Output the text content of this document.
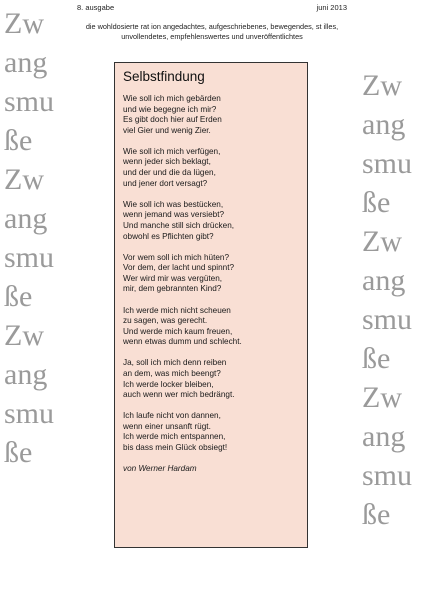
8. ausgabe	juni 2013
die wohldosierte rat ion angedachtes, aufgeschriebenes, bewegendes, st illes,
unvollendetes, empfehlenswertes und unveröffentlichtes
Zw
ang
smu
ße
Zw
ang
smu
ße
Zw
ang
smu
ße
Zw
ang
smu
ße
Zw
ang
smu
ße
Zw
ang
smu
ße
Selbstfindung
Wie soll ich mich gebärden
und wie begegne ich mir?
Es gibt doch hier auf Erden
viel Gier und wenig Zier.
Wie soll ich mich verfügen,
wenn jeder sich beklagt,
und der und die da lügen,
und jener dort versagt?
Wie soll ich was bestücken,
wenn jemand was versiebt?
Und manche still sich drücken,
obwohl es Pflichten gibt?
Vor wem soll ich mich hüten?
Vor dem, der lacht und spinnt?
Wer wird mir was vergüten,
mir, dem gebrannten Kind?
Ich werde mich nicht scheuen
zu sagen, was gerecht.
Und werde mich kaum freuen,
wenn etwas dumm und schlecht.
Ja, soll ich mich denn reiben
an dem, was mich beengt?
Ich werde locker bleiben,
auch wenn wer mich bedrängt.
Ich laufe nicht von dannen,
wenn einer unsanft rügt.
Ich werde mich entspannen,
bis dass mein Glück obsiegt!
von Werner Hardam
